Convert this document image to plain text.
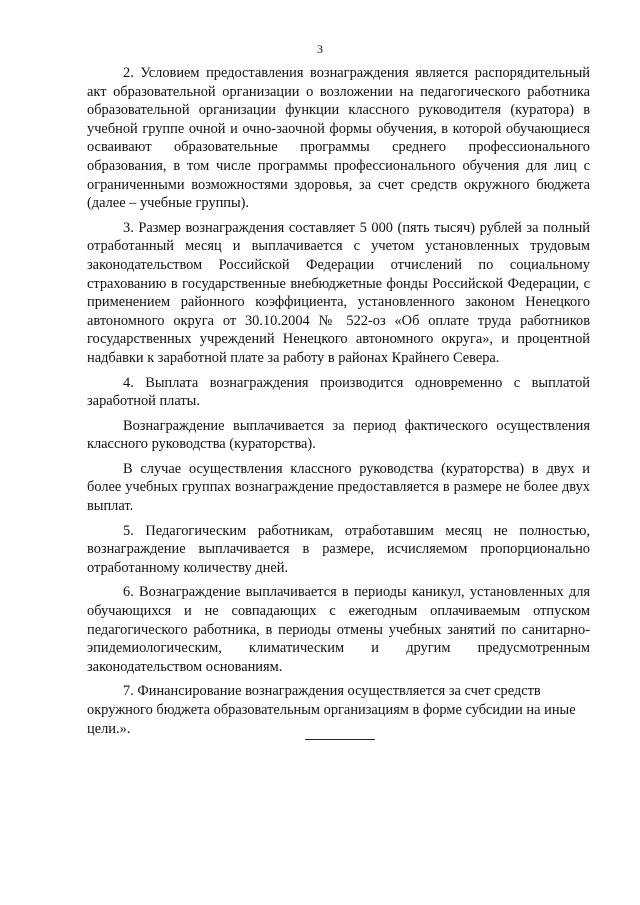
3

2. Условием предоставления вознаграждения является распорядительный акт образовательной организации о возложении на педагогического работника образовательной организации функции классного руководителя (куратора) в учебной группе очной и очно-заочной формы обучения, в которой обучающиеся осваивают образовательные программы среднего профессионального образования, в том числе программы профессионального обучения для лиц с ограниченными возможностями здоровья, за счет средств окружного бюджета (далее – учебные группы).

3. Размер вознаграждения составляет 5 000 (пять тысяч) рублей за полный отработанный месяц и выплачивается с учетом установленных трудовым законодательством Российской Федерации отчислений по социальному страхованию в государственные внебюджетные фонды Российской Федерации, с применением районного коэффициента, установленного законом Ненецкого автономного округа от 30.10.2004 № 522-оз «Об оплате труда работников государственных учреждений Ненецкого автономного округа», и процентной надбавки к заработной плате за работу в районах Крайнего Севера.

4. Выплата вознаграждения производится одновременно с выплатой заработной платы.

Вознаграждение выплачивается за период фактического осуществления классного руководства (кураторства).

В случае осуществления классного руководства (кураторства) в двух и более учебных группах вознаграждение предоставляется в размере не более двух выплат.

5. Педагогическим работникам, отработавшим месяц не полностью, вознаграждение выплачивается в размере, исчисляемом пропорционально отработанному количеству дней.

6. Вознаграждение выплачивается в периоды каникул, установленных для обучающихся и не совпадающих с ежегодным оплачиваемым отпуском педагогического работника, в периоды отмены учебных занятий по санитарно-эпидемиологическим, климатическим и другим предусмотренным законодательством основаниям.

7. Финансирование вознаграждения осуществляется за счет средств окружного бюджета образовательным организациям в форме субсидии на иные цели.».
